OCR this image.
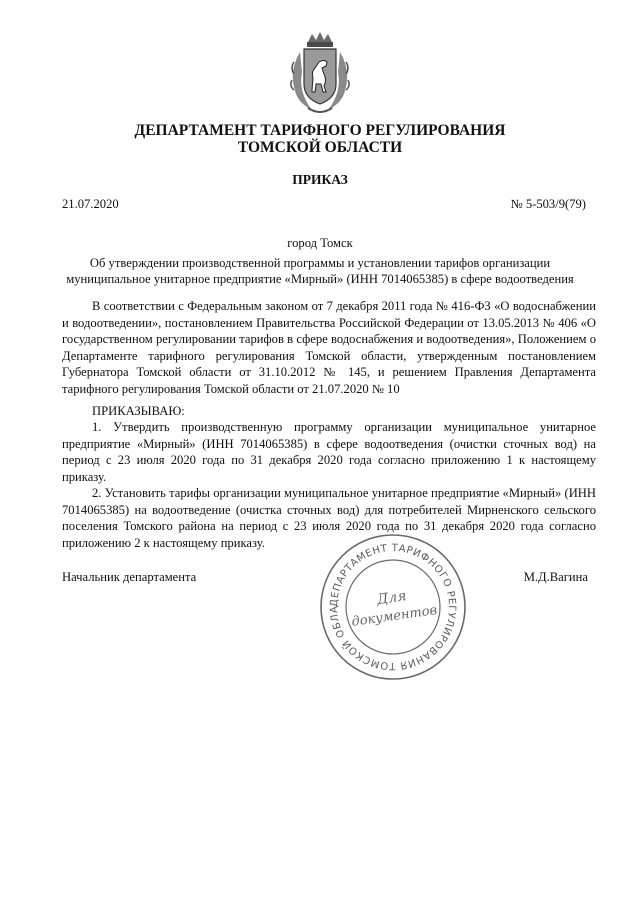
ДЕПАРТАМЕНТ ТАРИФНОГО РЕГУЛИРОВАНИЯ
ТОМСКОЙ ОБЛАСТИ
ПРИКАЗ
21.07.2020	№ 5-503/9(79)
город Томск
Об утверждении производственной программы и установлении тарифов организации
муниципальное унитарное предприятие «Мирный» (ИНН 7014065385) в сфере водоотведения
В соответствии с Федеральным законом от 7 декабря 2011 года № 416-ФЗ «О водоснабжении и водоотведении», постановлением Правительства Российской Федерации от 13.05.2013 № 406 «О государственном регулировании тарифов в сфере водоснабжения и водоотведения», Положением о Департаменте тарифного регулирования Томской области, утвержденным постановлением Губернатора Томской области от 31.10.2012 № 145, и решением Правления Департамента тарифного регулирования Томской области от 21.07.2020 № 10
ПРИКАЗЫВАЮ:
1. Утвердить производственную программу организации муниципальное унитарное предприятие «Мирный» (ИНН 7014065385) в сфере водоотведения (очистки сточных вод) на период с 23 июля 2020 года по 31 декабря 2020 года согласно приложению 1 к настоящему приказу.
2. Установить тарифы организации муниципальное унитарное предприятие «Мирный» (ИНН 7014065385) на водоотведение (очистка сточных вод) для потребителей Мирненского сельского поселения Томского района на период с 23 июля 2020 года по 31 декабря 2020 года согласно приложению 2 к настоящему приказу.
Начальник департамента	М.Д.Вагина
ДЕПАРТАМЕНТ ТАРИФНОГО РЕГУЛИРОВАНИЯ ТОМСКОЙ ОБЛА
Для
документов
